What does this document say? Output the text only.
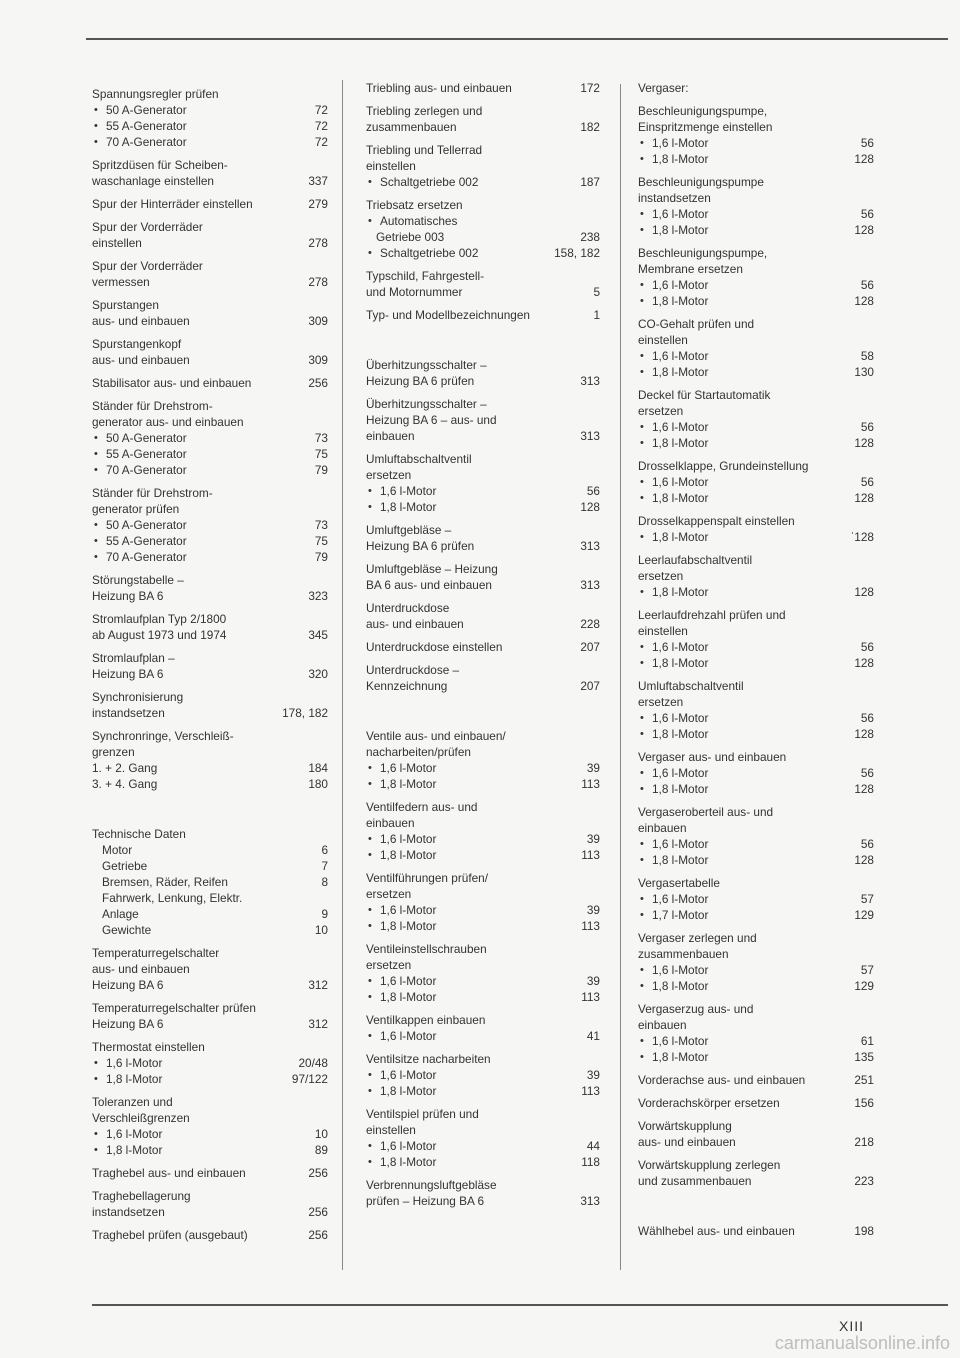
Spannungsregler prüfen
• 50 A-Generator	72
• 55 A-Generator	72
• 70 A-Generator	72
Spritzdüsen für Scheiben-
waschanlage einstellen	337
Spur der Hinterräder einstellen	279
Spur der Vorderräder
einstellen	278
Spur der Vorderräder
vermessen	278
Spurstangen
aus- und einbauen	309
Spurstangenkopf
aus- und einbauen	309
Stabilisator aus- und einbauen	256
Ständer für Drehstrom-
generator aus- und einbauen
• 50 A-Generator	73
• 55 A-Generator	75
• 70 A-Generator	79
Ständer für Drehstrom-
generator prüfen
• 50 A-Generator	73
• 55 A-Generator	75
• 70 A-Generator	79
Störungstabelle –
Heizung BA 6	323
Stromlaufplan Typ 2/1800
ab August 1973 und 1974	345
Stromlaufplan –
Heizung BA 6	320
Synchronisierung
instandsetzen	178, 182
Synchronringe, Verschleiß-
grenzen
1. + 2. Gang	184
3. + 4. Gang	180
Technische Daten
Motor	6
Getriebe	7
Bremsen, Räder, Reifen	8
Fahrwerk, Lenkung, Elektr.
Anlage	9
Gewichte	10
Temperaturregelschalter
aus- und einbauen
Heizung BA 6	312
Temperaturregelschalter prüfen
Heizung BA 6	312
Thermostat einstellen
• 1,6 l-Motor	20/48
• 1,8 l-Motor	97/122
Toleranzen und
Verschleißgrenzen
• 1,6 l-Motor	10
• 1,8 l-Motor	89
Traghebel aus- und einbauen	256
Traghebellagerung
instandsetzen	256
Traghebel prüfen (ausgebaut)	256
Triebling aus- und einbauen	172
Triebling zerlegen und
zusammenbauen	182
Triebling und Tellerrad
einstellen
• Schaltgetriebe 002	187
Triebsatz ersetzen
• Automatisches
Getriebe 003	238
• Schaltgetriebe 002	158, 182
Typschild, Fahrgestell-
und Motornummer	5
Typ- und Modellbezeichnungen	1
Überhitzungsschalter –
Heizung BA 6 prüfen	313
Überhitzungsschalter –
Heizung BA 6 – aus- und
einbauen	313
Umluftabschaltventil
ersetzen
• 1,6 l-Motor	56
• 1,8 l-Motor	128
Umluftgebläse –
Heizung BA 6 prüfen	313
Umluftgebläse – Heizung
BA 6 aus- und einbauen	313
Unterdruckdose
aus- und einbauen	228
Unterdruckdose einstellen	207
Unterdruckdose –
Kennzeichnung	207
Ventile aus- und einbauen/
nacharbeiten/prüfen
• 1,6 l-Motor	39
• 1,8 l-Motor	113
Ventilfedern aus- und
einbauen
• 1,6 l-Motor	39
• 1,8 l-Motor	113
Ventilführungen prüfen/
ersetzen
• 1,6 l-Motor	39
• 1,8 l-Motor	113
Ventileinstellschrauben
ersetzen
• 1,6 l-Motor	39
• 1,8 l-Motor	113
Ventilkappen einbauen
• 1,6 l-Motor	41
Ventilsitze nacharbeiten
• 1,6 l-Motor	39
• 1,8 l-Motor	113
Ventilspiel prüfen und
einstellen
• 1,6 l-Motor	44
• 1,8 l-Motor	118
Verbrennungsluftgebläse
prüfen – Heizung BA 6	313
Vergaser:
Beschleunigungspumpe,
Einspritzmenge einstellen
• 1,6 l-Motor	56
• 1,8 l-Motor	128
Beschleunigungspumpe
instandsetzen
• 1,6 l-Motor	56
• 1,8 l-Motor	128
Beschleunigungspumpe,
Membrane ersetzen
• 1,6 l-Motor	56
• 1,8 l-Motor	128
CO-Gehalt prüfen und
einstellen
• 1,6 l-Motor	58
• 1,8 l-Motor	130
Deckel für Startautomatik
ersetzen
• 1,6 l-Motor	56
• 1,8 l-Motor	128
Drosselklappe, Grundeinstellung
• 1,6 l-Motor	56
• 1,8 l-Motor	128
Drosselkappenspalt einstellen
• 1,8 l-Motor	ˈ128
Leerlaufabschaltventil
ersetzen
• 1,8 l-Motor	128
Leerlaufdrehzahl prüfen und
einstellen
• 1,6 l-Motor	56
• 1,8 l-Motor	128
Umluftabschaltventil
ersetzen
• 1,6 l-Motor	56
• 1,8 l-Motor	128
Vergaser aus- und einbauen
• 1,6 l-Motor	56
• 1,8 l-Motor	128
Vergaseroberteil aus- und
einbauen
• 1,6 l-Motor	56
• 1,8 l-Motor	128
Vergasertabelle
• 1,6 l-Motor	57
• 1,7 l-Motor	129
Vergaser zerlegen und
zusammenbauen
• 1,6 l-Motor	57
• 1,8 l-Motor	129
Vergaserzug aus- und
einbauen
• 1,6 l-Motor	61
• 1,8 l-Motor	135
Vorderachse aus- und einbauen	251
Vorderachskörper ersetzen	156
Vorwärtskupplung
aus- und einbauen	218
Vorwärtskupplung zerlegen
und zusammenbauen	223
Wählhebel aus- und einbauen	198
XIII
carmanualsonline.info
